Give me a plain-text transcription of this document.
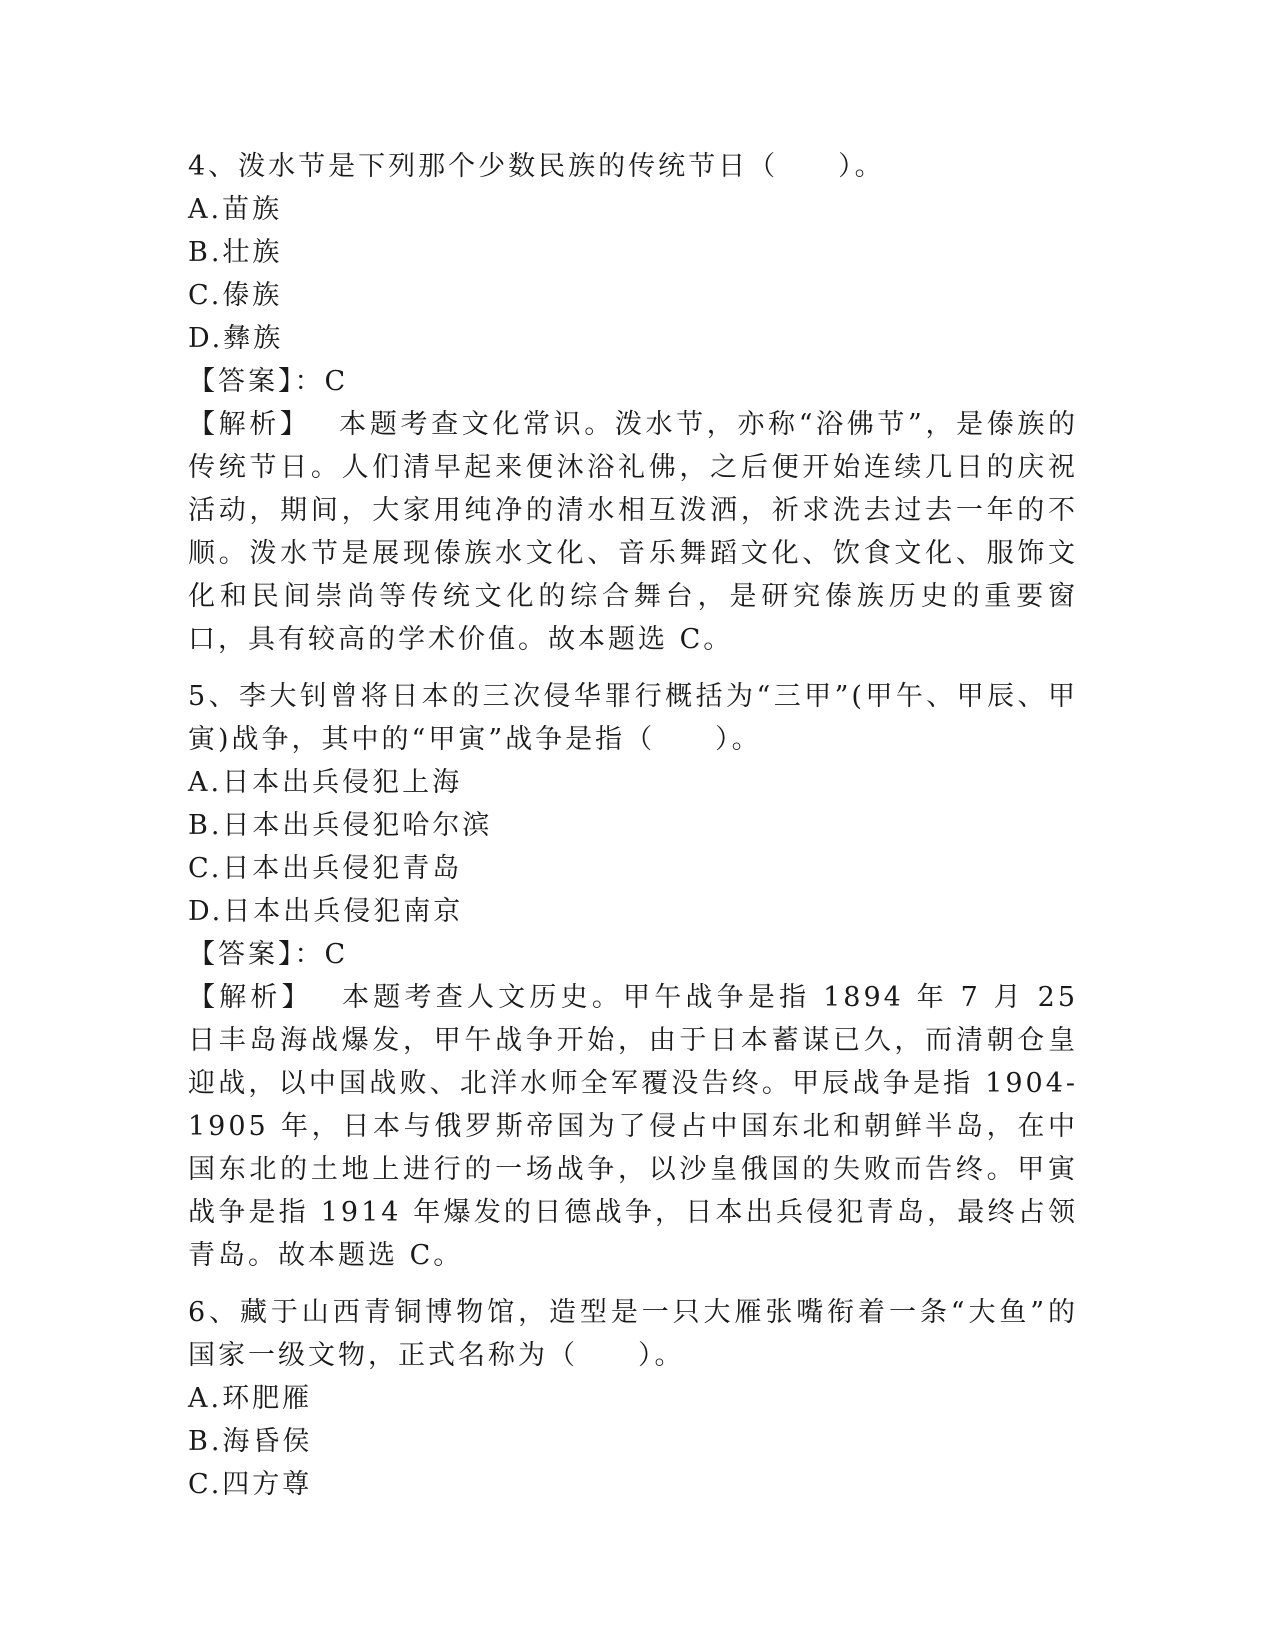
4、泼水节是下列那个少数民族的传统节日（　　）。

A.苗族

B.壮族

C.傣族

D.彝族

【答案】：C

【解析】 本题考查文化常识。泼水节，亦称“浴佛节”，是傣族的传统节日。人们清早起来便沐浴礼佛，之后便开始连续几日的庆祝活动，期间，大家用纯净的清水相互泼洒，祈求洗去过去一年的不顺。泼水节是展现傣族水文化、音乐舞蹈文化、饮食文化、服饰文化和民间崇尚等传统文化的综合舞台，是研究傣族历史的重要窗口，具有较高的学术价值。故本题选 C。

5、李大钊曾将日本的三次侵华罪行概括为“三甲”(甲午、甲辰、甲寅)战争，其中的“甲寅”战争是指（　　）。

A.日本出兵侵犯上海

B.日本出兵侵犯哈尔滨

C.日本出兵侵犯青岛

D.日本出兵侵犯南京

【答案】：C

【解析】 本题考查人文历史。甲午战争是指 1894 年 7 月 25 日丰岛海战爆发，甲午战争开始，由于日本蓄谋已久，而清朝仓皇迎战，以中国战败、北洋水师全军覆没告终。甲辰战争是指 1904-1905 年，日本与俄罗斯帝国为了侵占中国东北和朝鲜半岛，在中国东北的土地上进行的一场战争，以沙皇俄国的失败而告终。甲寅战争是指 1914 年爆发的日德战争，日本出兵侵犯青岛，最终占领青岛。故本题选 C。

6、藏于山西青铜博物馆，造型是一只大雁张嘴衔着一条“大鱼”的国家一级文物，正式名称为（　　）。

A.环肥雁

B.海昏侯

C.四方尊
